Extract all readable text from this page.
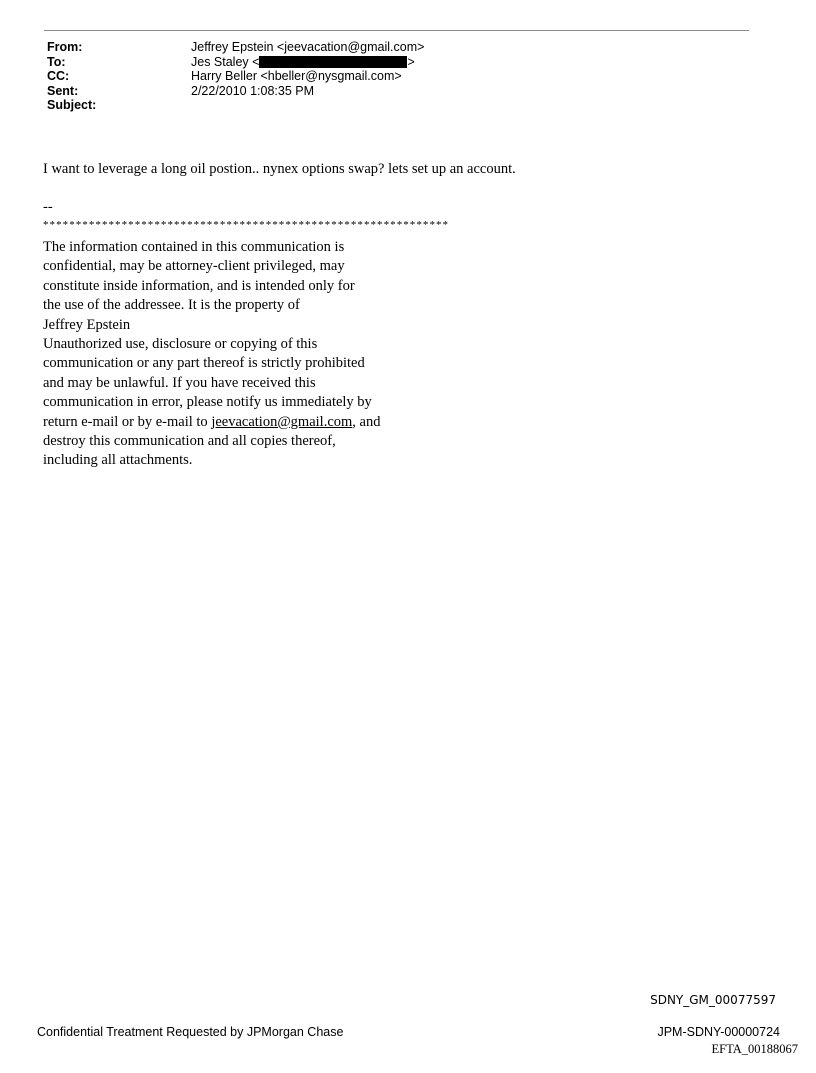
From:	Jeffrey Epstein <jeevacation@gmail.com>
To:	Jes Staley <	>
CC:	Harry Beller <hbeller@nysgmail.com>
Sent:	2/22/2010 1:08:35 PM
Subject:
I want to leverage a long oil postion.. nynex options swap? lets set up an account.
--
**************************************************************
The information contained in this communication is
confidential, may be attorney-client privileged, may
constitute inside information, and is intended only for
the use of the addressee. It is the property of
Jeffrey Epstein
Unauthorized use, disclosure or copying of this
communication or any part thereof is strictly prohibited
and may be unlawful. If you have received this
communication in error, please notify us immediately by
return e-mail or by e-mail to jeevacation@gmail.com, and
destroy this communication and all copies thereof,
including all attachments.
SDNY_GM_00077597
Confidential Treatment Requested by JPMorgan Chase	JPM-SDNY-00000724
EFTA_00188067
